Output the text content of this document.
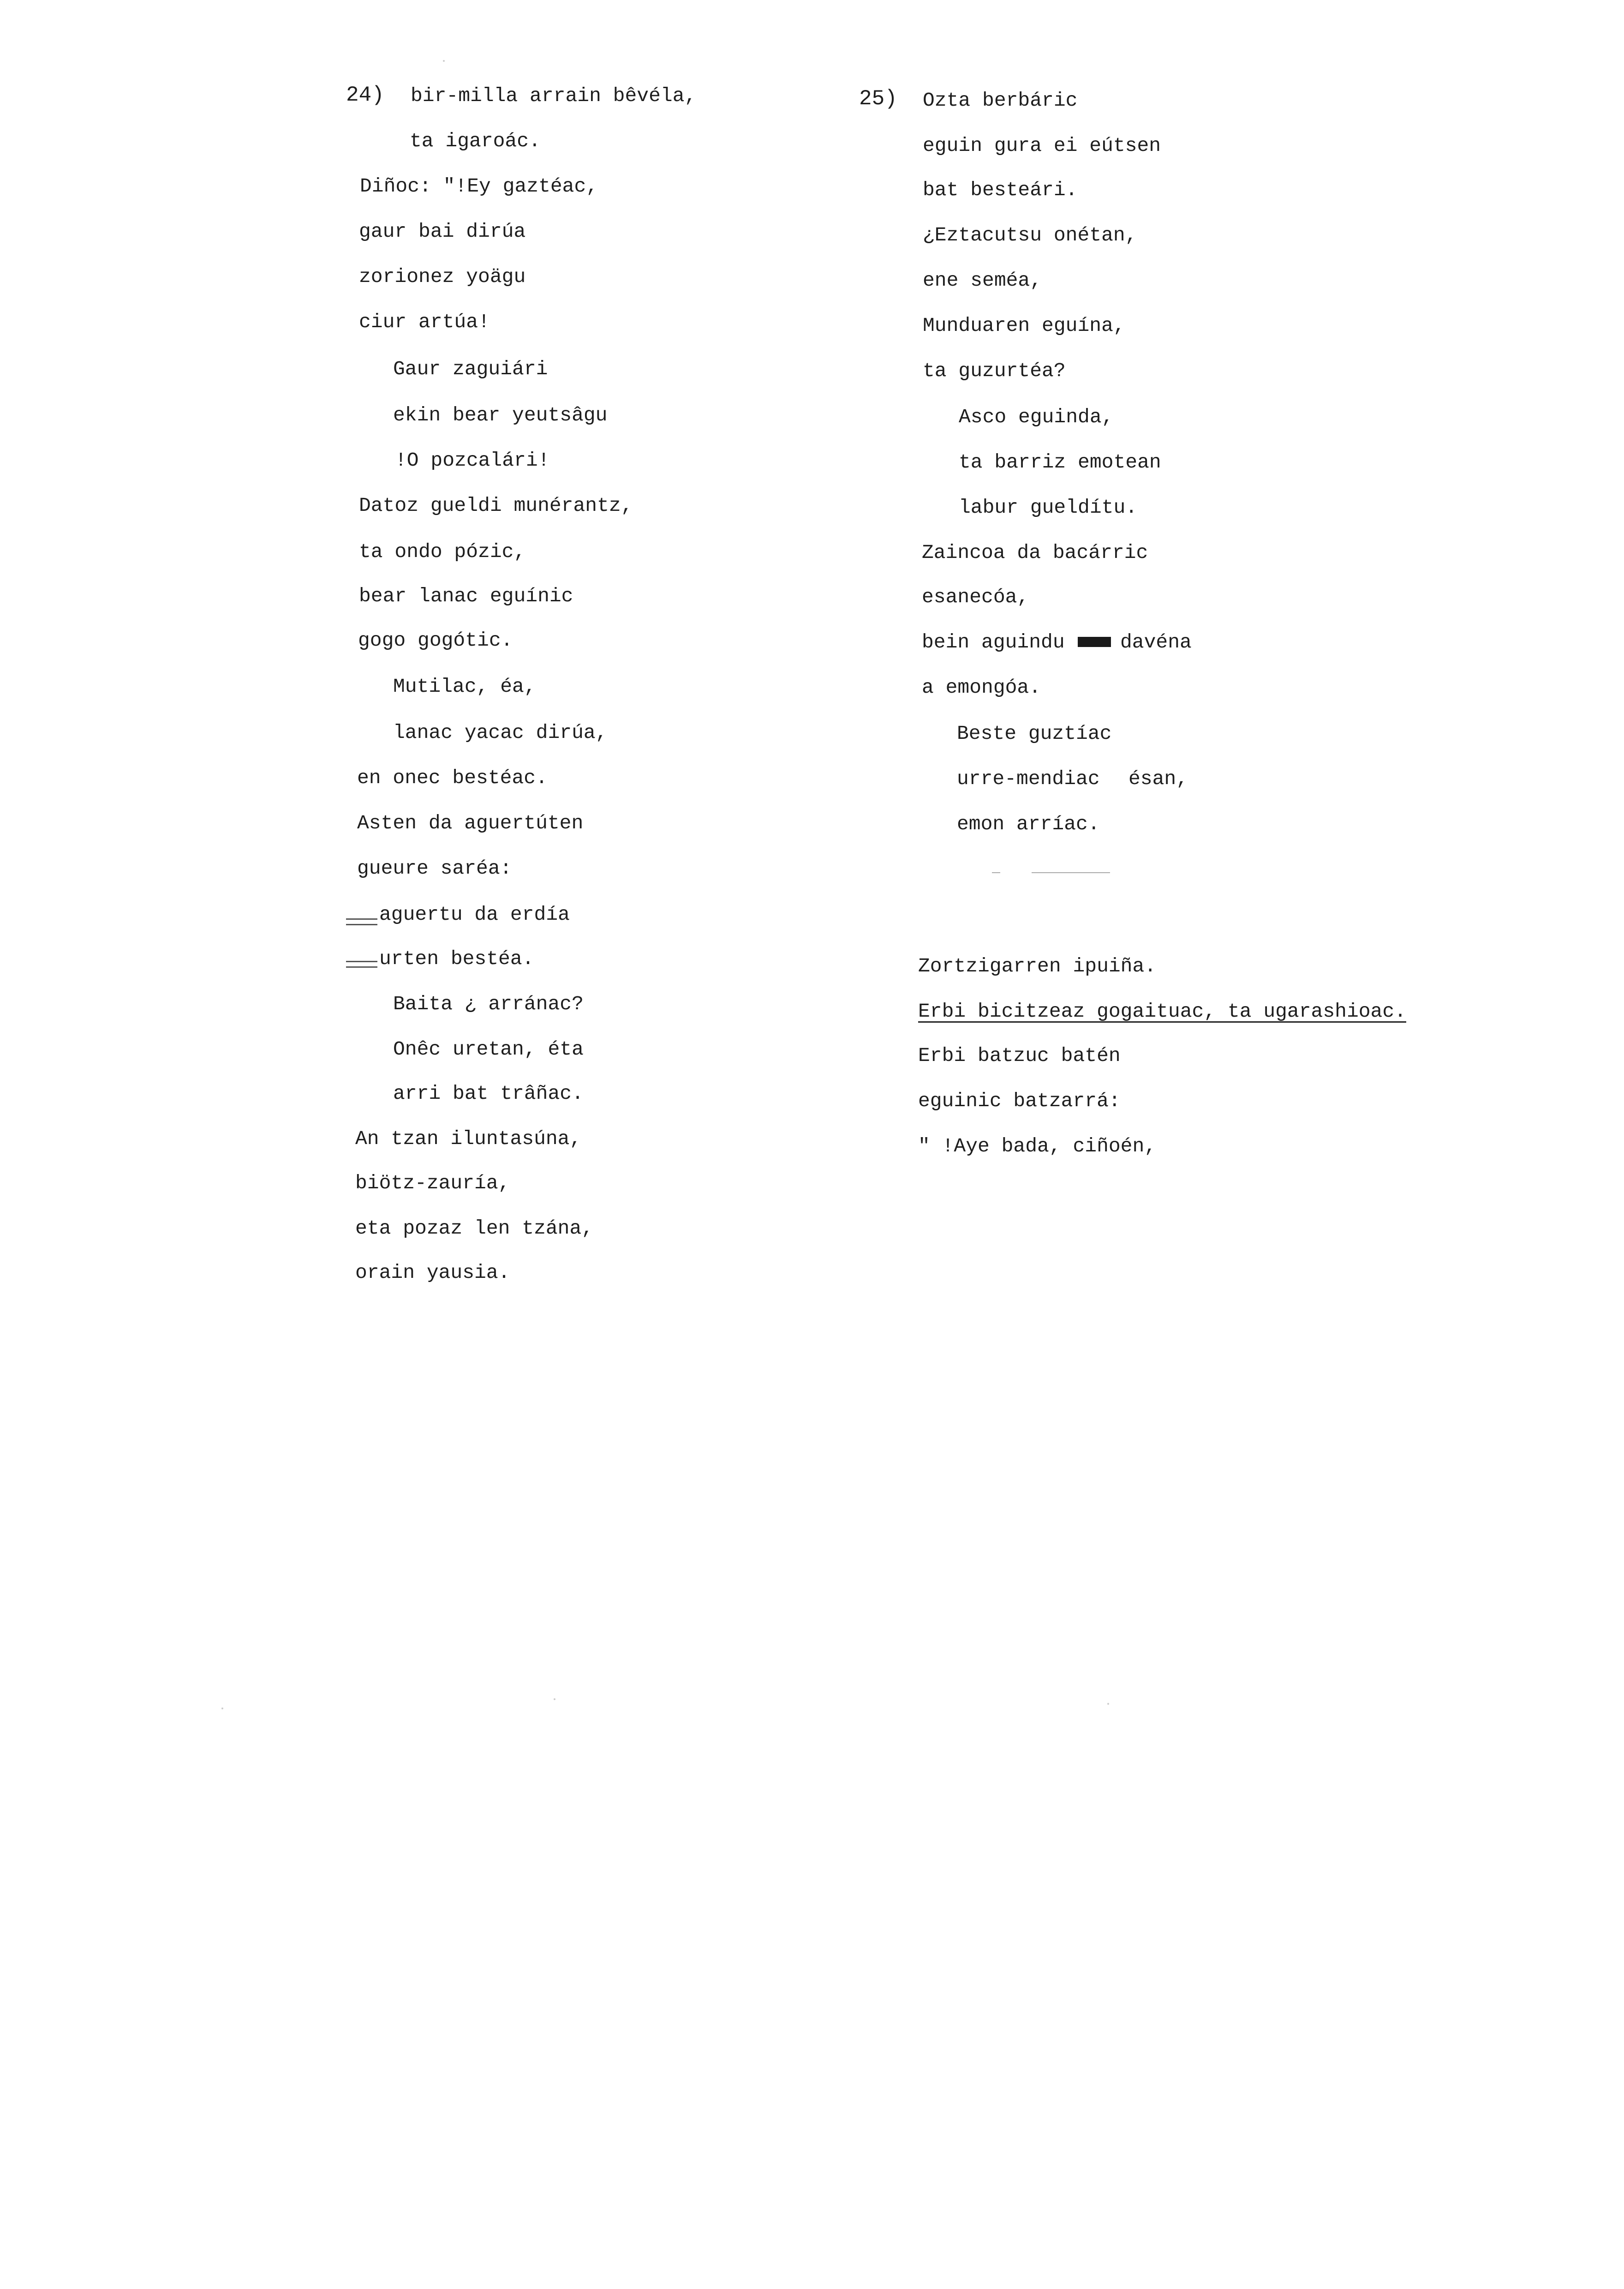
24) bir-milla arrain bêvéla,
ta igaroác.
Diñoc: "!Ey gaztéac,
gaur bai dirúa
zorionez yoägu
ciur artúa!
Gaur zaguiári
ekin bear yeutsâgu
!O pozcalári!
Datoz gueldi munérantz,
ta ondo pózic,
bear lanac eguínic
gogo gogótic.
Mutilac, éa,
lanac yacac dirúa,
en onec bestéac.
Asten da aguertúten
gueure saréa:
aguertu da erdía
urten bestéa.
Baita ¿ arránac?
Onêc uretan, éta
arri bat trâñac.
An tzan iluntasúna,
biötz-zauría,
eta pozaz len tzána,
orain yausia.
25) Ozta berbáric
eguin gura ei eútsen
bat besteári.
¿Eztacutsu onétan,
ene seméa,
Munduaren eguína,
ta guzurtéa?
Asco eguinda,
ta barriz emotean
labur gueldítu.
Zaincoa da bacárric
esanecóa,
bein aguindu	davéna
a emongóa.
Beste guztíac
urre-mendiac ésan,
emon arríac.
Zortzigarren ipuiña.
Erbi bicitzeaz gogaituac, ta ugarashioac.
Erbi batzuc batén
eguinic batzarrá:
" !Aye bada, ciñoén,
